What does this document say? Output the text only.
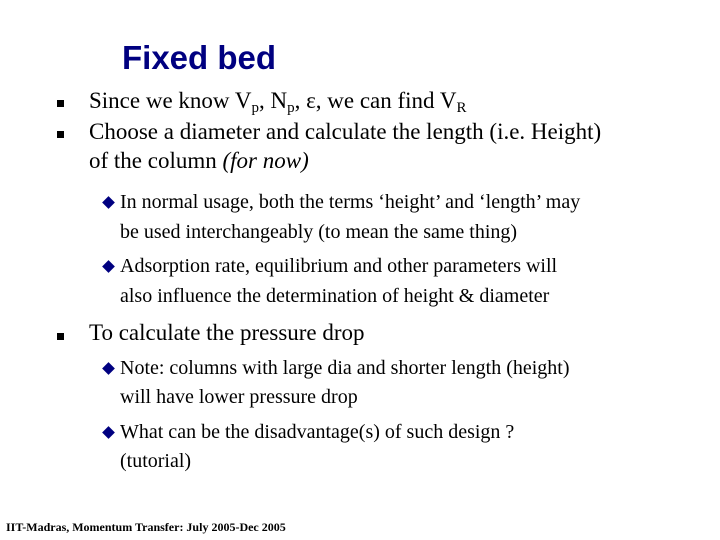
Fixed bed
Since we know $V_p$, $N_p$, ε, we can find $V_R$
Choose a diameter and calculate the length (i.e. Height)
of the column (for now)
In normal usage, both the terms ‘height’ and ‘length’ may
be used interchangeably (to mean the same thing)
Adsorption rate, equilibrium and other parameters will
also influence the determination of height & diameter
To calculate the pressure drop
Note: columns with large dia and shorter length (height)
will have lower pressure drop
What can be the disadvantage(s) of such design ?
(tutorial)
IIT-Madras, Momentum Transfer: July 2005-Dec 2005
